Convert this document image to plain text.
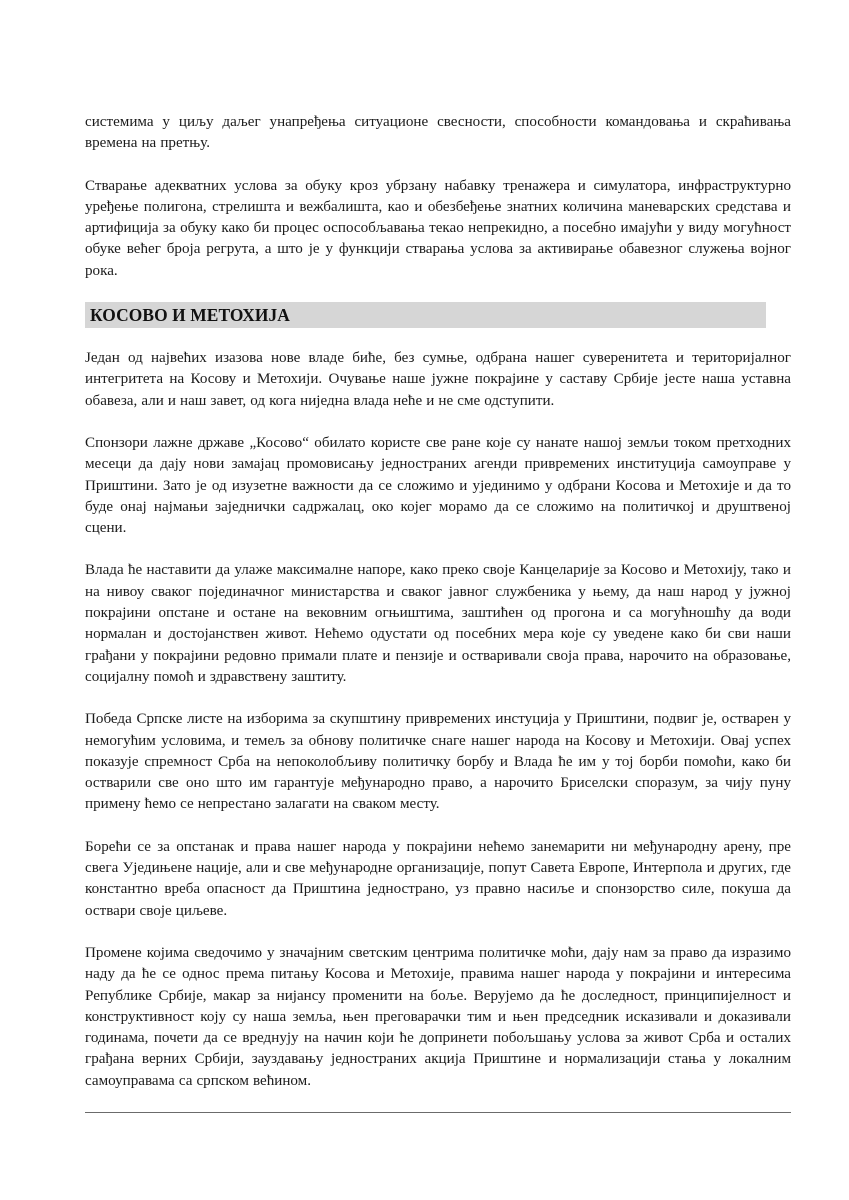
системима у циљу даљег унапређења ситуационе свесности, способности командовања и скраћивања времена на претњу.

Стварање адекватних услова за обуку кроз убрзану набавку тренажера и симулатора, инфраструктурно уређење полигона, стрелишта и вежбалишта, као и обезбеђење знатних количина маневарских средстава и артифиција за обуку како би процес оспособљавања текао непрекидно, а посебно имајући у виду могућност обуке већег броја регрута, а што је у функцији стварања услова за активирање обавезног служења војног рока.

КОСОВО И МЕТОХИЈА

Један од највећих изазова нове владе биће, без сумње, одбрана нашег суверенитета и територијалног интегритета на Косову и Метохији. Очување наше јужне покрајине у саставу Србије јесте наша уставна обавеза, али и наш завет, од кога ниједна влада неће и не сме одступити.

Спонзори лажне државе „Косово“ обилато користе све ране које су нанате нашој земљи током претходних месеци да дају нови замајац промовисању једностраних агенди привремених институција самоуправе у Приштини. Зато је од изузетне важности да се сложимо и ујединимо у одбрани Косова и Метохије и да то буде онај најмањи заједнички садржалац, око којег морамо да се сложимо на политичкој и друштвеној сцени.

Влада ће наставити да улаже максималне напоре, како преко своје Канцеларије за Косово и Метохију, тако и на нивоу сваког појединачног министарства и сваког јавног службеника у њему, да наш народ у јужној покрајини опстане и остане на вековним огњиштима, заштићен од прогона и са могућношћу да води нормалан и достојанствен живот. Нећемо одустати од посебних мера које су уведене како би сви наши грађани у покрајини редовно примали плате и пензије и остваривали своја права, нарочито на образовање, социјалну помоћ и здравствену заштиту.

Победа Српске листе на изборима за скупштину привремених инстуција у Приштини, подвиг је, остварен у немогућим условима, и темељ за обнову политичке снаге нашег народа на Косову и Метохији. Овај успех показује спремност Срба на непоколобљиву политичку борбу и Влада ће им у тој борби помоћи, како би остварили све оно што им гарантује међународно право, а нарочито Бриселски споразум, за чију пуну примену ћемо се непрестано залагати на сваком месту.

Борећи се за опстанак и права нашег народа у покрајини нећемо занемарити ни међународну арену, пре свега Уједињене нације, али и све међународне организације, попут Савета Европе, Интерпола и других, где константно вреба опасност да Приштина једнострано, уз правно насиље и спонзорство силе, покуша да оствари своје циљеве.

Промене којима сведочимо у значајним светским центрима политичке моћи, дају нам за право да изразимо наду да ће се однос према питању Косова и Метохије, правима нашег народа у покрајини и интересима Републике Србије, макар за нијансу променити на боље. Верујемо да ће доследност, принципијелност и конструктивност коју су наша земља, њен преговарачки тим и њен председник исказивали и доказивали годинама, почети да се вреднују на начин који ће допринети побољшању услова за живот Срба и осталих грађана верних Србији, зауздавању једностраних акција Приштине и нормализацији стања у локалним самоуправама са српском већином.
